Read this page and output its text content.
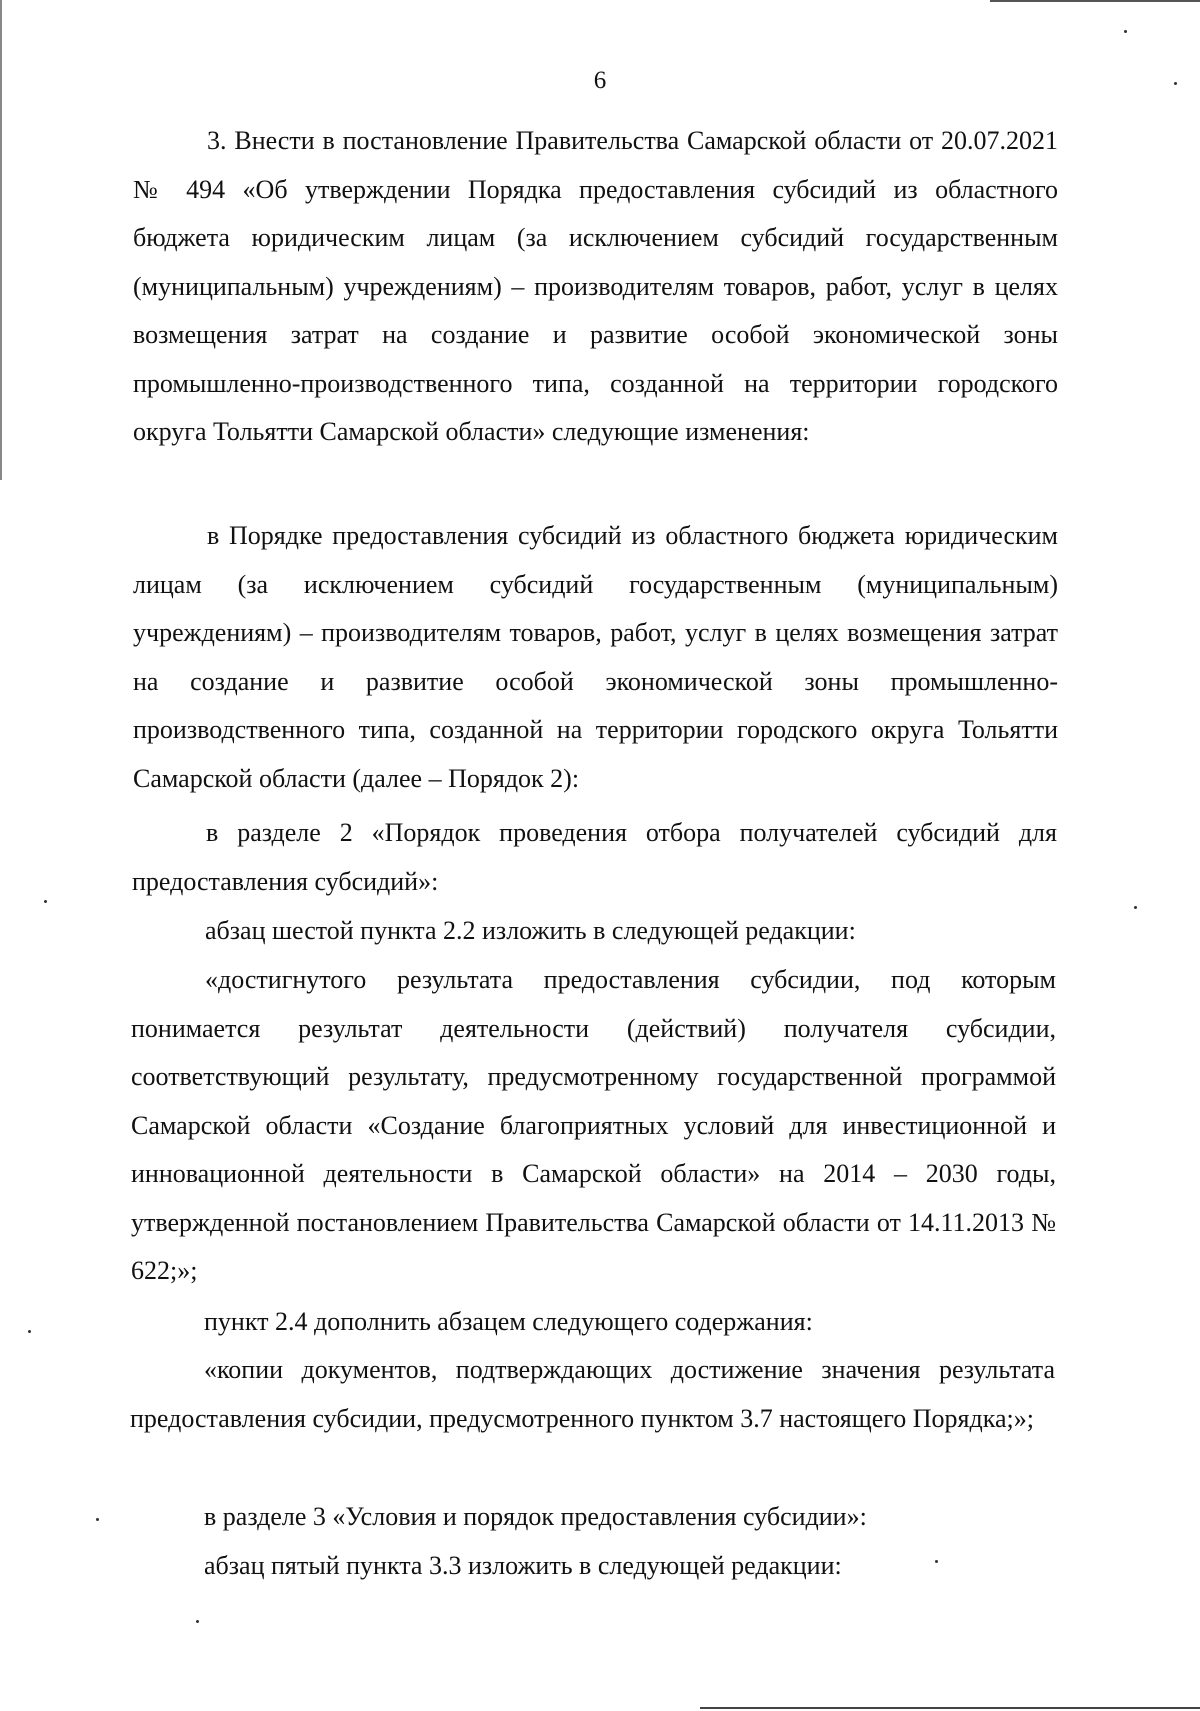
6

3. Внести в постановление Правительства Самарской области от 20.07.2021 № 494 «Об утверждении Порядка предоставления субсидий из областного бюджета юридическим лицам (за исключением субсидий государственным (муниципальным) учреждениям) – производителям товаров, работ, услуг в целях возмещения затрат на создание и развитие особой экономической зоны промышленно-производственного типа, созданной на территории городского округа Тольятти Самарской области» следующие изменения:

в Порядке предоставления субсидий из областного бюджета юридическим лицам (за исключением субсидий государственным (муниципальным) учреждениям) – производителям товаров, работ, услуг в целях возмещения затрат на создание и развитие особой экономической зоны промышленно-производственного типа, созданной на территории городского округа Тольятти Самарской области (далее – Порядок 2):

в разделе 2 «Порядок проведения отбора получателей субсидий для предоставления субсидий»:

абзац шестой пункта 2.2 изложить в следующей редакции:

«достигнутого результата предоставления субсидии, под которым понимается результат деятельности (действий) получателя субсидии, соответствующий результату, предусмотренному государственной программой Самарской области «Создание благоприятных условий для инвестиционной и инновационной деятельности в Самарской области» на 2014 – 2030 годы, утвержденной постановлением Правительства Самарской области от 14.11.2013 № 622;»;

пункт 2.4 дополнить абзацем следующего содержания:

«копии документов, подтверждающих достижение значения результата предоставления субсидии, предусмотренного пунктом 3.7 настоящего Порядка;»;

в разделе 3 «Условия и порядок предоставления субсидии»:

абзац пятый пункта 3.3 изложить в следующей редакции:
